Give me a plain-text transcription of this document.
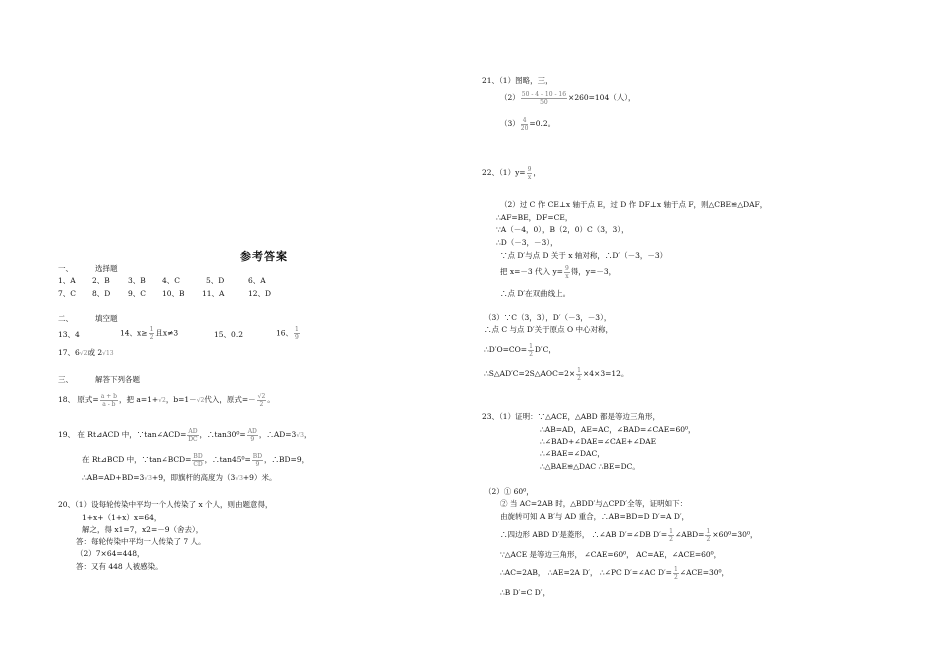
参考答案
一、	选择题
1、A 2、B 3、B 4、C	5、D	6、A
7、C 8、D 9、C 10、B 11、A	12、D
二、	填空题
13、4	14、$x\ge \frac{1}{2}$ 且x≠3	15、0.2	16、 $\frac{1}{9}$
17、6√2或 2√13
三、	解答下列各题
18、 原式= $\frac{a + b}{a - b}$ ，把 a=1+√2，b=1－√2代入，原式=－ $\frac{√2}{2}$ 。
19、 在 Rt⊿ACD 中，∵tan∠ACD= $\frac{AD}{DC}$ ，∴tan30⁰= $\frac{AD}{9}$ ，∴AD=3√3，
在 Rt⊿BCD 中，∵tan∠BCD= $\frac{BD}{CD}$ ，∴tan45⁰= $\frac{BD}{9}$ ，∴BD=9，
∴AB=AD+BD=3√3+9，即旗杆的高度为（3√3+9）米。
20、（1）设每轮传染中平均一个人传染了 x 个人，则由题意得，
1+x+（1+x）x=64，
解之，得 x1=7，x2=－9（舍去），
答：每轮传染中平均一人传染了 7 人。
（2）7×64=448，
答：又有 448 人被感染。
21、（1）图略，三，
$(2) \frac{50 - 4 - 10 - 16}{50} \times 260=104$（人），
$(3) \frac{4}{20} =0.2$。
22、$(1)y= \frac{9}{x}$ ，
（2）过 C 作 CE⊥x 轴于点 E，过 D 作 DF⊥x 轴于点 F，则△CBE≌△DAF，
∴AF=BE，DF=CE，
∵A（－4，0），B（2，0）C（3，3），
∴D（－3，－3），
∵点 D′与点 D 关于 x 轴对称，∴D′（－3，－3）
把 x=－3 代入 $y= \frac{9}{x}$ 得，y=－3，
∴点 D′在双曲线上。
（3）∵C（3，3），D′（－3，－3），
∴点 C 与点 D′关于原点 O 中心对称，
∴D′O=CO= $\frac{1}{2} D'C$，
∴S△AD′C=2S△AOC=2× $\frac{1}{2} \times 4\times 3=12$。
23、（1）证明：∵△ACE，△ABD 都是等边三角形，
∴AB=AD，AE=AC，∠BAD=∠CAE=60⁰，
∴∠BAD+∠DAE=∠CAE+∠DAE
∴∠BAE=∠DAC，
∴△BAE≌△DAC ∴BE=DC。
（2）① 60⁰，
② 当 AC=2AB 时，△BDD′与△CPD′全等，证明如下：
由旋转可知 A B′与 AD 重合，∴AB=BD=D D′=A D′，
∴四边形 ABD D′是菱形， ∴∠AB D′=∠DB $D'= \frac{1}{2}$ ∠ABD= $\frac{1}{2} \times 60^0=30^0$，
∵△ACE 是等边三角形， ∠CAE=60⁰， AC=AE，∠ACE=60⁰，
∴AC=2AB， ∴AE=2A D′， ∴∠PC D′=∠AC $D'= \frac{1}{2}$ ∠ACE=30⁰，
∴B D′=C D′，
